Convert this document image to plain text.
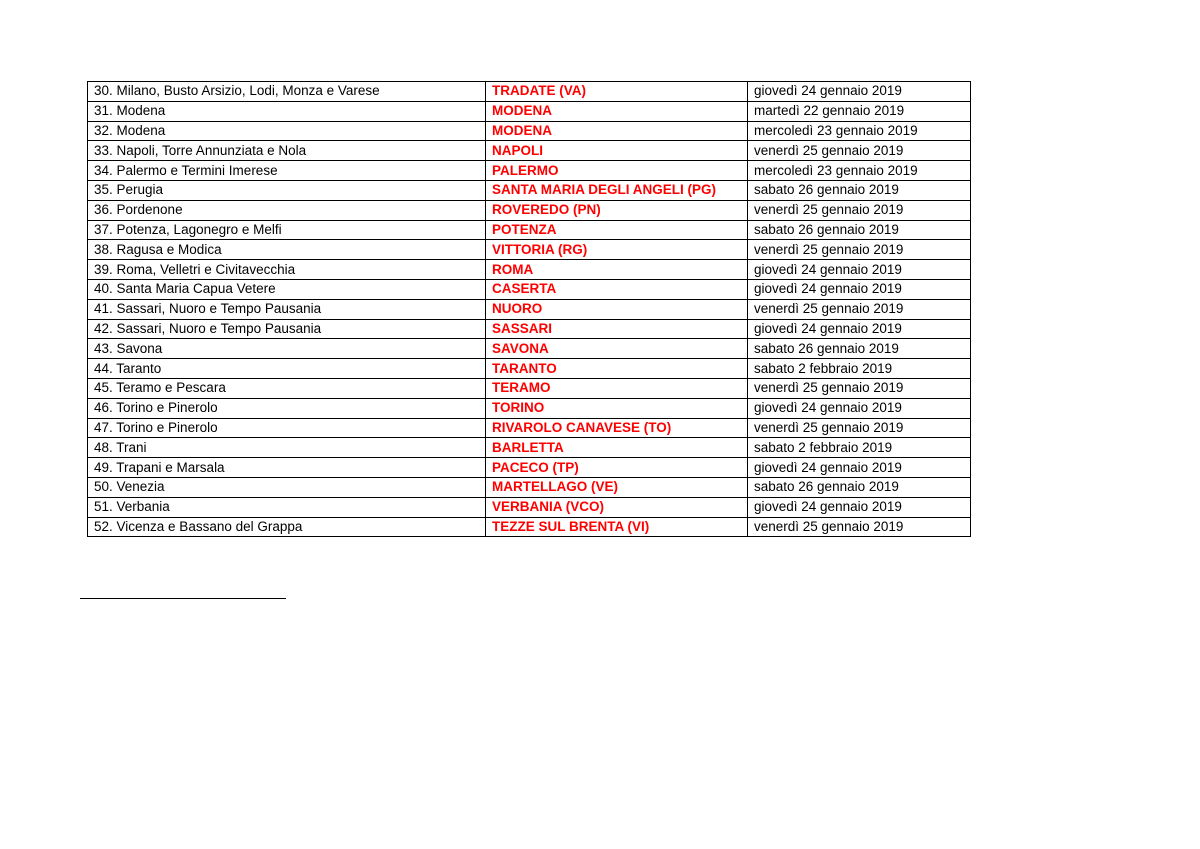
30. Milano, Busto Arsizio, Lodi, Monza e Varese	TRADATE (VA)	giovedì 24 gennaio 2019
31. Modena	MODENA	martedì 22 gennaio 2019
32. Modena	MODENA	mercoledì 23 gennaio 2019
33. Napoli, Torre Annunziata e Nola	NAPOLI	venerdì 25 gennaio 2019
34. Palermo e Termini Imerese	PALERMO	mercoledì 23 gennaio 2019
35. Perugia	SANTA MARIA DEGLI ANGELI (PG)	sabato 26 gennaio 2019
36. Pordenone	ROVEREDO (PN)	venerdì 25 gennaio 2019
37. Potenza, Lagonegro e Melfi	POTENZA	sabato 26 gennaio 2019
38. Ragusa e Modica	VITTORIA (RG)	venerdì 25 gennaio 2019
39. Roma, Velletri e Civitavecchia	ROMA	giovedì 24 gennaio 2019
40. Santa Maria Capua Vetere	CASERTA	giovedì 24 gennaio 2019
41. Sassari, Nuoro e Tempo Pausania	NUORO	venerdì 25 gennaio 2019
42. Sassari, Nuoro e Tempo Pausania	SASSARI	giovedì 24 gennaio 2019
43. Savona	SAVONA	sabato 26 gennaio 2019
44. Taranto	TARANTO	sabato 2 febbraio 2019
45. Teramo e Pescara	TERAMO	venerdì 25 gennaio 2019
46. Torino e Pinerolo	TORINO	giovedì 24 gennaio 2019
47. Torino e Pinerolo	RIVAROLO CANAVESE (TO)	venerdì 25 gennaio 2019
48. Trani	BARLETTA	sabato 2 febbraio 2019
49. Trapani e Marsala	PACECO (TP)	giovedì 24 gennaio 2019
50. Venezia	MARTELLAGO (VE)	sabato 26 gennaio 2019
51. Verbania	VERBANIA (VCO)	giovedì 24 gennaio 2019
52. Vicenza e Bassano del Grappa	TEZZE SUL BRENTA (VI)	venerdì 25 gennaio 2019
